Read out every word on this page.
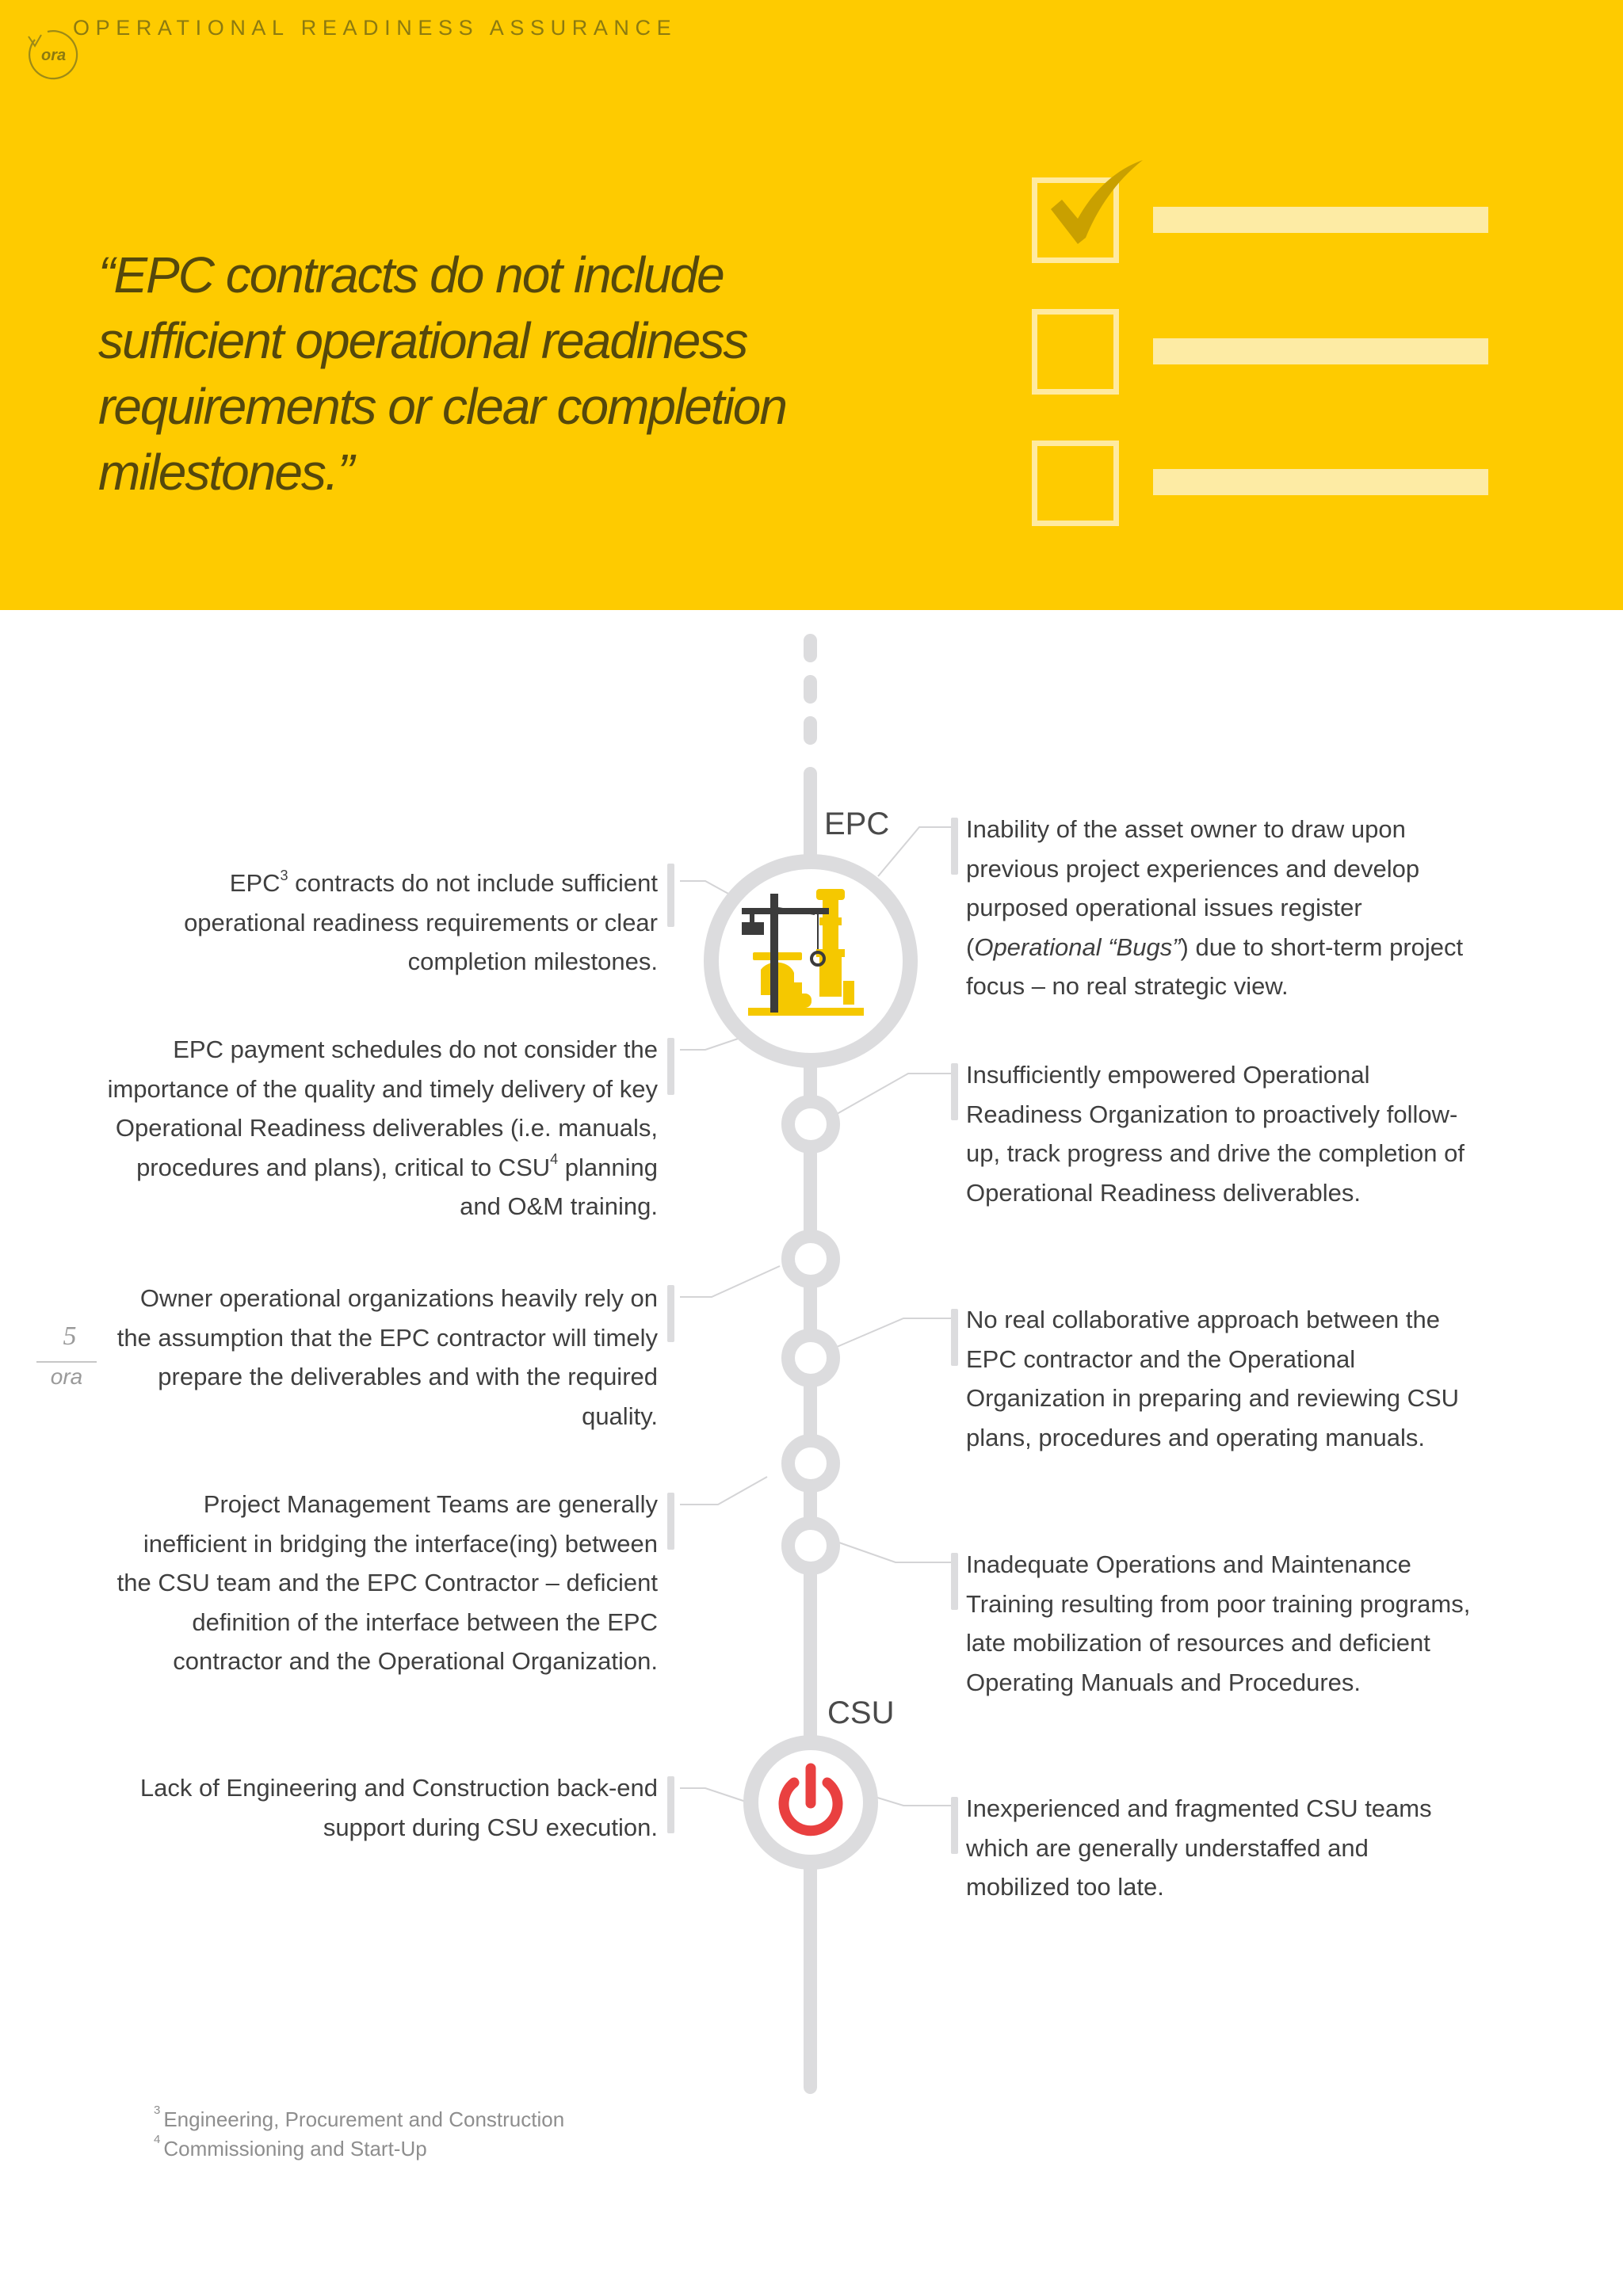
ora
OPERATIONAL READINESS ASSURANCE
“EPC contracts do not include sufficient operational readiness requirements or clear completion milestones.”
EPC
CSU
EPC$^3$ contracts do not include sufficient operational readiness requirements or clear completion milestones.
EPC payment schedules do not consider the importance of the quality and timely delivery of key Operational Readiness deliverables (i.e. manuals, procedures and plans), critical to CSU$^4$ planning and O&M training.
Owner operational organizations heavily rely on the assumption that the EPC contractor will timely prepare the deliverables and with the required quality.
Project Management Teams are generally inefficient in bridging the interface(ing) between the CSU team and the EPC Contractor – deficient definition of the interface between the EPC contractor and the Operational Organization.
Lack of Engineering and Construction back-end support during CSU execution.
Inability of the asset owner to draw upon previous project experiences and develop purposed operational issues register (Operational “Bugs”) due to short-term project focus – no real strategic view.
Insufficiently empowered Operational Readiness Organization to proactively follow-up, track progress and drive the completion of Operational Readiness deliverables.
No real collaborative approach between the EPC contractor and the Operational Organization in preparing and reviewing CSU plans, procedures and operating manuals.
Inadequate Operations and Maintenance Training resulting from poor training programs, late mobilization of resources and deficient Operating Manuals and Procedures.
Inexperienced and fragmented CSU teams which are generally understaffed and mobilized too late.
5
ora
$^3$ Engineering, Procurement and Construction
$^4$ Commissioning and Start-Up
